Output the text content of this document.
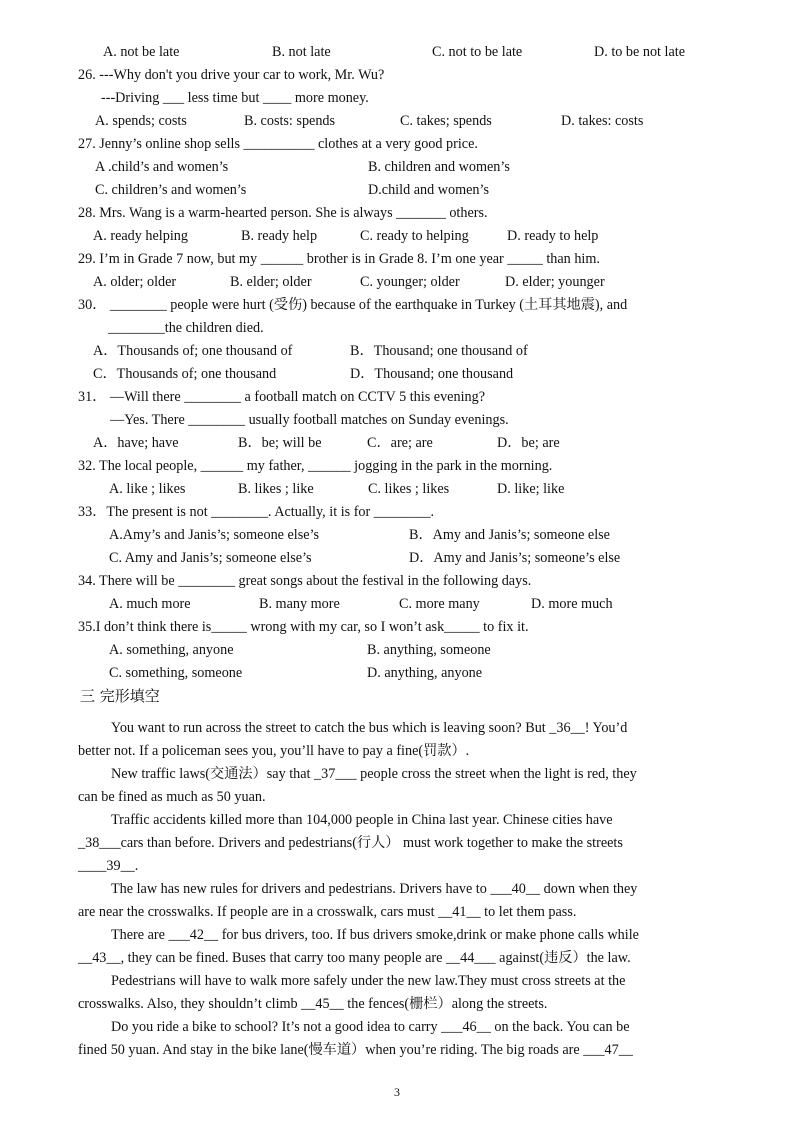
A. not be late	B. not late	C. not to be late	D. to be not late
26. ---Why don't you drive your car to work, Mr. Wu?
---Driving ___ less time but ____ more money.
A. spends; costs	B. costs: spends	C. takes; spends	D. takes: costs
27. Jenny’s online shop sells __________ clothes at a very good price.
A .child’s and women’s	B. children and women’s
C. children’s and women’s	D.child and women’s
28. Mrs. Wang is a warm-hearted person. She is always _______ others.
A. ready helping	B. ready help	C. ready to helping	D. ready to help
29. I’m in Grade 7 now, but my ______ brother is in Grade 8. I’m one year _____ than him.
A. older; older	B. elder; older	C. younger; older	D. elder; younger
30． ________ people were hurt (受伤) because of the earthquake in Turkey (土耳其地震), and
________the children died.
A．Thousands of; one thousand of	B．Thousand; one thousand of
C．Thousands of; one thousand	D．Thousand; one thousand
31． —Will there ________ a football match on CCTV 5 this evening?
—Yes. There ________ usually football matches on Sunday evenings.
A．have; have	B．be; will be	C．are; are	D．be; are
32. The local people, ______ my father, ______ jogging in the park in the morning.
A. like ; likes	B. likes ; like	C. likes ; likes	D. like; like
33．The present is not ________. Actually, it is for ________.
A.Amy’s and Janis’s; someone else’s	B．Amy and Janis’s; someone else
C. Amy and Janis’s; someone else’s	D．Amy and Janis’s; someone’s else
34. There will be ________ great songs about the festival in the following days.
A. much more	B. many more	C. more many	D. more much
35.I don’t think there is_____ wrong with my car, so I won’t ask_____ to fix it.
A. something, anyone	B. anything, someone
C. something, someone	D. anything, anyone
三 完形填空
You want to run across the street to catch the bus which is leaving soon? But _36__! You’d
better not. If a policeman sees you, you’ll have to pay a fine(罚款）.
New traffic laws(交通法）say that _37___ people cross the street when the light is red, they
can be fined as much as 50 yuan.
Traffic accidents killed more than 104,000 people in China last year. Chinese cities have
_38___cars than before. Drivers and pedestrians(行人） must work together to make the streets
____39__.
The law has new rules for drivers and pedestrians. Drivers have to ___40__ down when they
are near the crosswalks. If people are in a crosswalk, cars must __41__ to let them pass.
There are ___42__ for bus drivers, too. If bus drivers smoke,drink or make phone calls while
__43__, they can be fined. Buses that carry too many people are __44___ against(违反）the law.
Pedestrians will have to walk more safely under the new law.They must cross streets at the
crosswalks. Also, they shouldn’t climb __45__ the fences(栅栏）along the streets.
Do you ride a bike to school? It’s not a good idea to carry ___46__ on the back. You can be
fined 50 yuan. And stay in the bike lane(慢车道）when you’re riding. The big roads are ___47__
3
